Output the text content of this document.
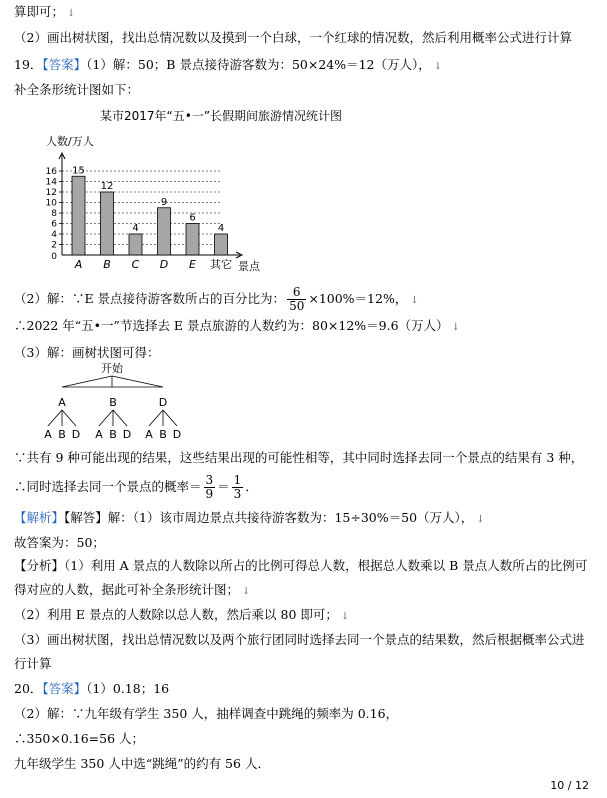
算即可； ↓
（2）画出树状图，找出总情况数以及摸到一个白球，一个红球的情况数，然后利用概率公式进行计算
19．【答案】（1）解：50；B 景点接待游客数为：50×24%＝12（万人）， ↓
补全条形统计图如下：
某市2017年“五•一”长假期间旅游情况统计图
人数/万人
景点
0
2
4
6
8
10
12
14
16 15
A
12
B
4
C
9
D
6
E
4
其它
（2）解：∵E 景点接待游客数所占的百分比为： $\frac{6}{50} \times 100\%=12\%$， ↓
∴2022 年“五•一”节选择去 E 景点旅游的人数约为：80×12%＝9.6（万人） ↓
（3）解：画树状图可得：
开始
A
A B D
B
A B D
D
A B D
∵共有 9 种可能出现的结果，这些结果出现的可能性相等，其中同时选择去同一个景点的结果有 3 种，
∴同时选择去同一个景点的概率＝ $\frac{3}{9} = \frac{1}{3}$ ．
【解析】【解答】解：（1）该市周边景点共接待游客数为：15÷30%＝50（万人）， ↓
故答案为：50；
【分析】（1）利用 A 景点的人数除以所占的比例可得总人数，根据总人数乘以 B 景点人数所占的比例可
得对应的人数，据此可补全条形统计图； ↓
（2）利用 E 景点的人数除以总人数，然后乘以 80 即可； ↓
（3）画出树状图，找出总情况数以及两个旅行团同时选择去同一个景点的结果数，然后根据概率公式进
行计算
20．【答案】（1）0.18；16
（2）解：∵九年级有学生 350 人，抽样调查中跳绳的频率为 0.16，
∴350×0.16=56 人；
九年级学生 350 人中选“跳绳”的约有 56 人．
10 / 12
